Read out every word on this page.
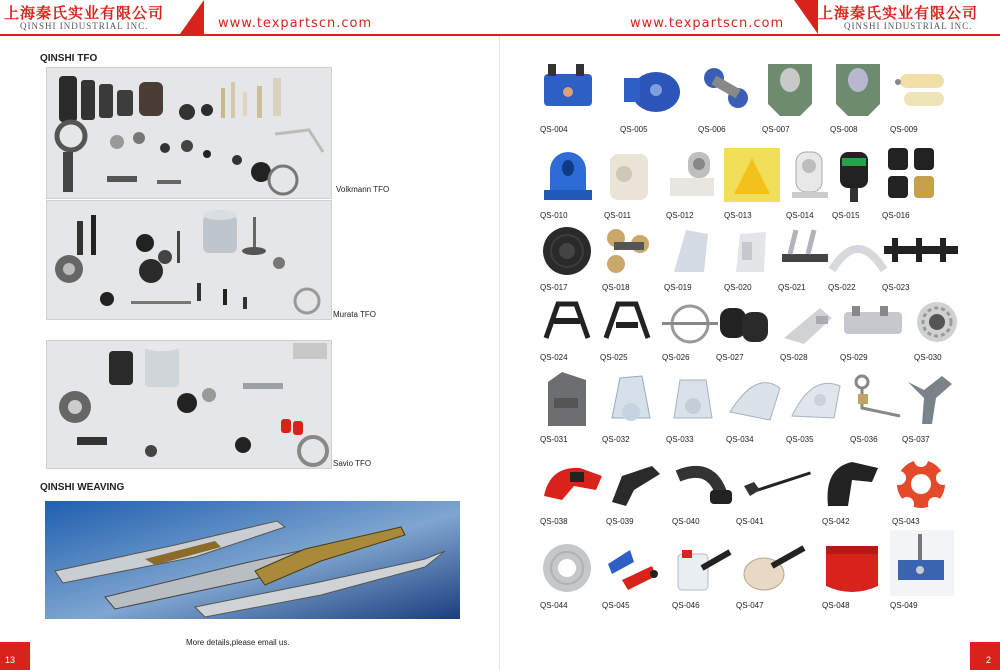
上海秦氏实业有限公司
QINSHI INDUSTRIAL INC.	www.texpartscn.com	www.texpartscn.com
上海秦氏实业有限公司
QINSHI INDUSTRIAL INC.
QINSHI TFO
Volkmann TFO
Murata TFO
Savio TFO
QINSHI WEAVING
More details,please email us.
QS-004	QS-005	QS-006	QS-007	QS-008	QS-009
QS-010	QS-011	QS-012	QS-013	QS-014	QS-015	QS-016
QS-017	QS-018	QS-019	QS-020	QS-021	QS-022	QS-023
QS-024	QS-025	QS-026	QS-027	QS-028	QS-029	QS-030
QS-031	QS-032	QS-033	QS-034	QS-035	QS-036	QS-037
QS-038	QS-039	QS-040	QS-041	QS-042	QS-043
QS-044	QS-045	QS-046	QS-047	QS-048	QS-049
13	2
